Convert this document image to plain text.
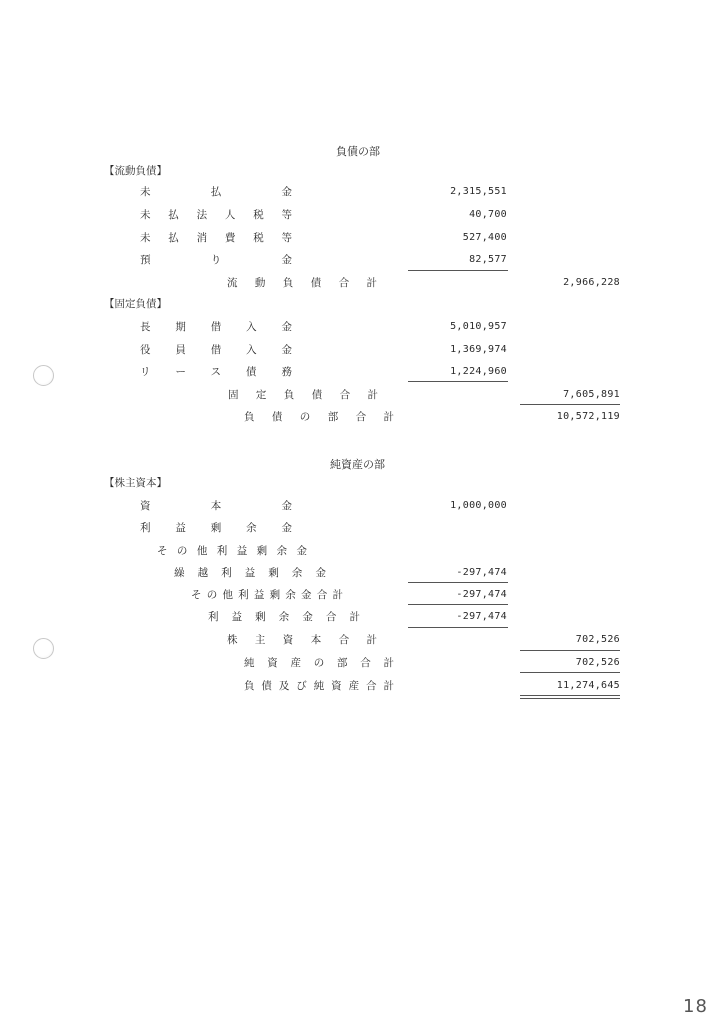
負債の部
【流動負債】
未払金	2,315,551
未払法人税等	40,700
未払消費税等	527,400
預り金	82,577
流動負債合計	2,966,228
【固定負債】
長期借入金	5,010,957
役員借入金	1,369,974
リース債務	1,224,960
固定負債合計	7,605,891
負債の部合計	10,572,119
純資産の部
【株主資本】
資本金	1,000,000
利益剰余金
その他利益剰余金
繰越利益剰余金	-297,474
その他利益剰余金合計	-297,474
利益剰余金合計	-297,474
株主資本合計	702,526
純資産の部合計	702,526
負債及び純資産合計	11,274,645
18
